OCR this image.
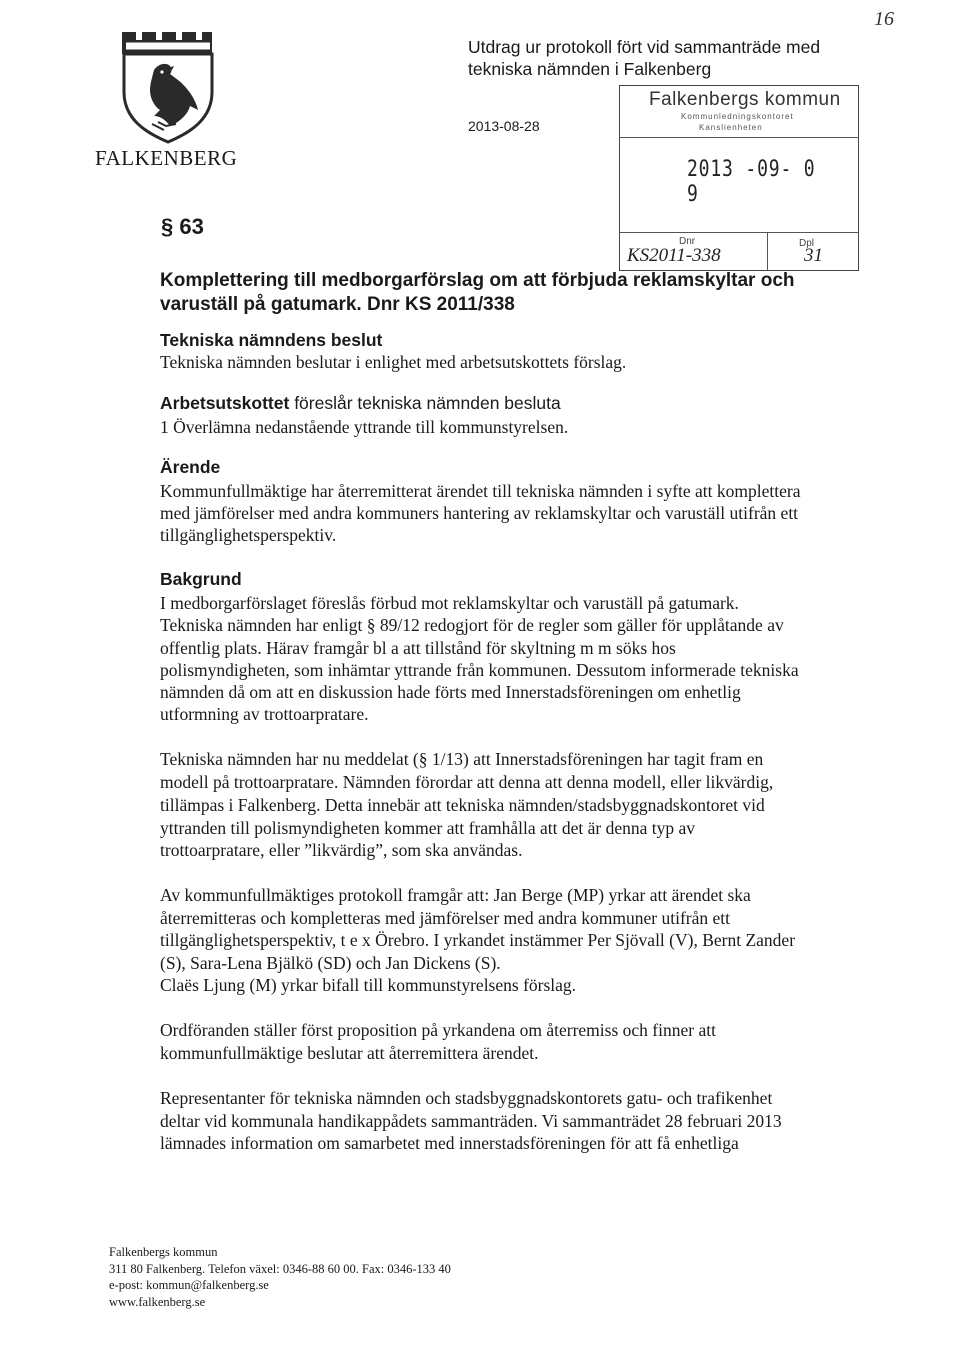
FALKENBERG
16
Utdrag ur protokoll fört vid sammanträde med
tekniska nämnden i Falkenberg
2013-08-28
Falkenbergs kommun
Kommunledningskontoret
Kanslienheten
2013 -09- 0 9
Dnr	Dpl
KS2011-338	31
§ 63
Komplettering till medborgarförslag om att förbjuda reklamskyltar och
varuställ på gatumark. Dnr KS 2011/338
Tekniska nämndens beslut
Tekniska nämnden beslutar i enlighet med arbetsutskottets förslag.
Arbetsutskottet föreslår tekniska nämnden besluta
1 Överlämna nedanstående yttrande till kommunstyrelsen.
Ärende
Kommunfullmäktige har återremitterat ärendet till tekniska nämnden i syfte att komplettera
med jämförelser med andra kommuners hantering av reklamskyltar och varuställ utifrån ett
tillgänglighetsperspektiv.
Bakgrund
I medborgarförslaget föreslås förbud mot reklamskyltar och varuställ på gatumark.
Tekniska nämnden har enligt § 89/12 redogjort för de regler som gäller för upplåtande av
offentlig plats. Härav framgår bl a att tillstånd för skyltning m m söks hos
polismyndigheten, som inhämtar yttrande från kommunen. Dessutom informerade tekniska
nämnden då om att en diskussion hade förts med Innerstadsföreningen om enhetlig
utformning av trottoarpratare.
Tekniska nämnden har nu meddelat (§ 1/13) att Innerstadsföreningen har tagit fram en
modell på trottoarpratare. Nämnden förordar att denna att denna modell, eller likvärdig,
tillämpas i Falkenberg. Detta innebär att tekniska nämnden/stadsbyggnadskontoret vid
yttranden till polismyndigheten kommer att framhålla att det är denna typ av
trottoarpratare, eller ”likvärdig”, som ska användas.
Av kommunfullmäktiges protokoll framgår att: Jan Berge (MP) yrkar att ärendet ska
återremitteras och kompletteras med jämförelser med andra kommuner utifrån ett
tillgänglighetsperspektiv, t e x Örebro. I yrkandet instämmer Per Sjövall (V), Bernt Zander
(S), Sara-Lena Bjälkö (SD) och Jan Dickens (S).
Claës Ljung (M) yrkar bifall till kommunstyrelsens förslag.
Ordföranden ställer först proposition på yrkandena om återremiss och finner att
kommunfullmäktige beslutar att återremittera ärendet.
Representanter för tekniska nämnden och stadsbyggnadskontorets gatu- och trafikenhet
deltar vid kommunala handikappådets sammanträden. Vi sammanträdet 28 februari 2013
lämnades information om samarbetet med innerstadsföreningen för att få enhetliga
Falkenbergs kommun
311 80 Falkenberg. Telefon växel: 0346-88 60 00. Fax: 0346-133 40
e-post: kommun@falkenberg.se
www.falkenberg.se
